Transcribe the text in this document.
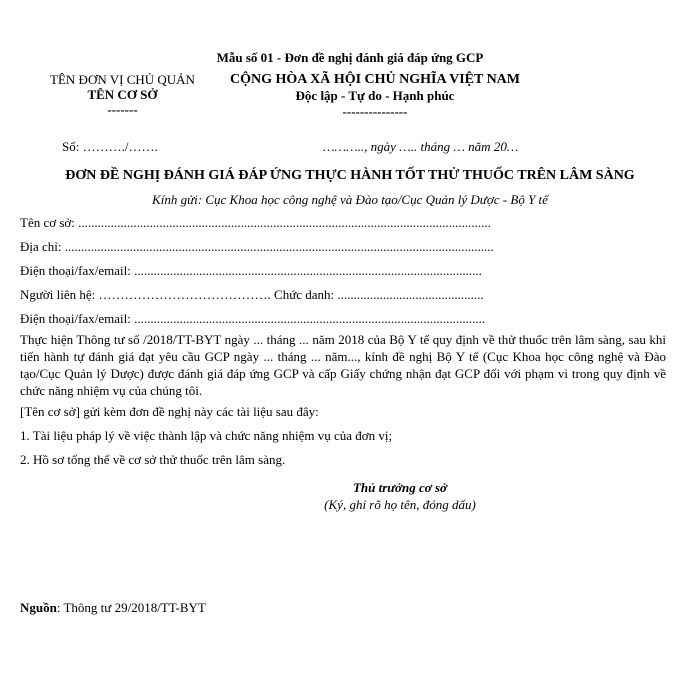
Mẫu số 01 - Đơn đề nghị đánh giá đáp ứng GCP
TÊN ĐƠN VỊ CHỦ QUẢN
TÊN CƠ SỞ
-------
CỘNG HÒA XÃ HỘI CHỦ NGHĨA VIỆT NAM
Độc lập - Tự do - Hạnh phúc
---------------
Số: ………./…….	……….., ngày ….. tháng … năm 20…
ĐƠN ĐỀ NGHỊ ĐÁNH GIÁ ĐÁP ỨNG THỰC HÀNH TỐT THỬ THUỐC TRÊN LÂM SÀNG
Kính gửi: Cục Khoa học công nghệ và Đào tạo/Cục Quản lý Dược - Bộ Y tế
Tên cơ sở: ...............................................................................................................................
Địa chỉ: ....................................................................................................................................
Điện thoại/fax/email: ...........................................................................................................
Người liên hệ: …………………………………. Chức danh: .............................................
Điện thoại/fax/email: ............................................................................................................
Thực hiện Thông tư số /2018/TT-BYT ngày ... tháng ... năm 2018 của Bộ Y tế quy định về thử thuốc trên lâm sàng, sau khi tiến hành tự đánh giá đạt yêu cầu GCP ngày ... tháng ... năm..., kính đề nghị Bộ Y tế (Cục Khoa học công nghệ và Đào tạo/Cục Quản lý Dược) được đánh giá đáp ứng GCP và cấp Giấy chứng nhận đạt GCP đối với phạm vi trong quy định về chức năng nhiệm vụ của chúng tôi.
[Tên cơ sở] gửi kèm đơn đề nghị này các tài liệu sau đây:
1. Tài liệu pháp lý về việc thành lập và chức năng nhiệm vụ của đơn vị;
2. Hồ sơ tổng thể về cơ sở thử thuốc trên lâm sàng.
Thủ trưởng cơ sở
(Ký, ghi rõ họ tên, đóng dấu)
Nguồn: Thông tư 29/2018/TT-BYT
